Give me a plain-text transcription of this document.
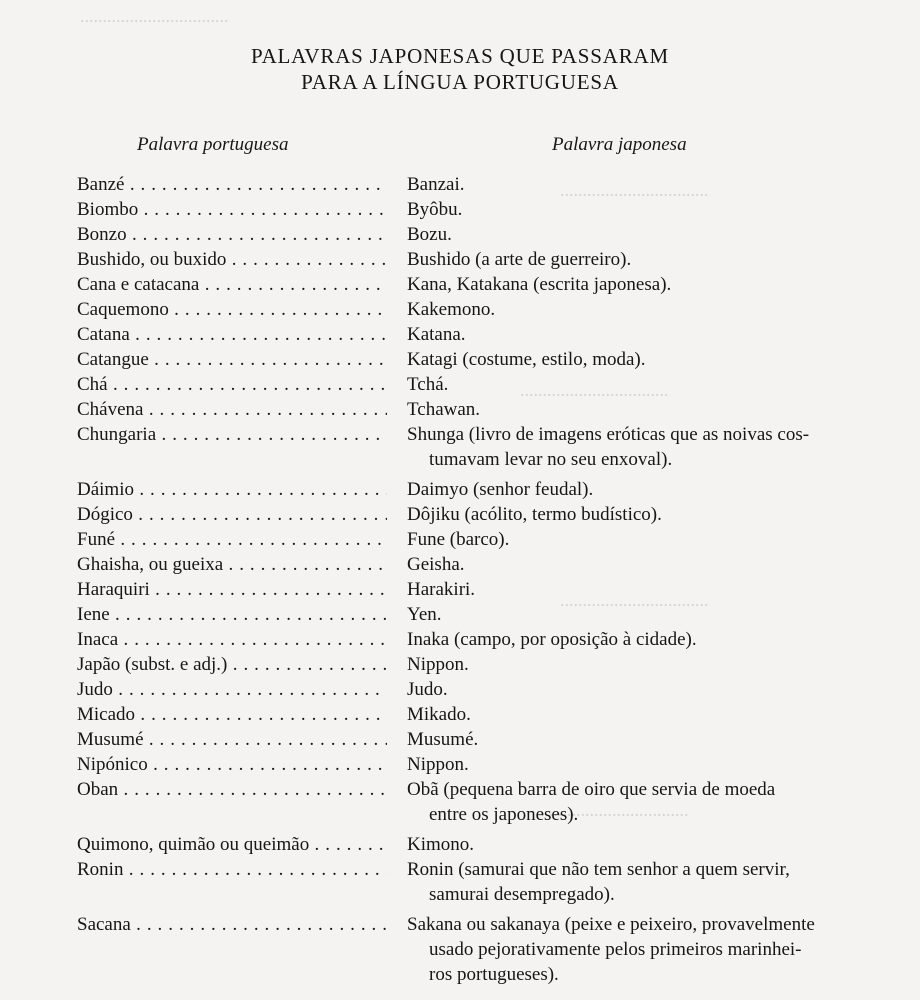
.................................
.................................
.................................
.................................
.................................
PALAVRAS JAPONESAS QUE PASSARAM
PARA A LÍNGUA PORTUGUESA
Palavra portuguesa	Palavra japonesa
Banzé . . .	Banzai.
Biombo . . .	Byôbu.
Bonzo . . .	Bozu.
Bushido, ou buxido . . .	Bushido (a arte de guerreiro).
Cana e catacana . . .	Kana, Katakana (escrita japonesa).
Caquemono . . .	Kakemono.
Catana . . .	Katana.
Catangue . . .	Katagi (costume, estilo, moda).
Chá . . .	Tchá.
Chávena . . .	Tchawan.
Chungaria . . .	Shunga (livro de imagens eróticas que as noivas cos-
tumavam levar no seu enxoval).
Dáimio . . .	Daimyo (senhor feudal).
Dógico . . .	Dôjiku (acólito, termo budístico).
Funé . . .	Fune (barco).
Ghaisha, ou gueixa . . .	Geisha.
Haraquiri . . .	Harakiri.
Iene . . .	Yen.
Inaca . . .	Inaka (campo, por oposição à cidade).
Japão (subst. e adj.) . . .	Nippon.
Judo . . .	Judo.
Micado . . .	Mikado.
Musumé . . .	Musumé.
Nipónico . . .	Nippon.
Oban . . .	Obã (pequena barra de oiro que servia de moeda
entre os japoneses).
Quimono, quimão ou queimão . . .	Kimono.
Ronin . . .	Ronin (samurai que não tem senhor a quem servir,
samurai desempregado).
Sacana . . .	Sakana ou sakanaya (peixe e peixeiro, provavelmente
usado pejorativamente pelos primeiros marinhei-
ros portugueses).
